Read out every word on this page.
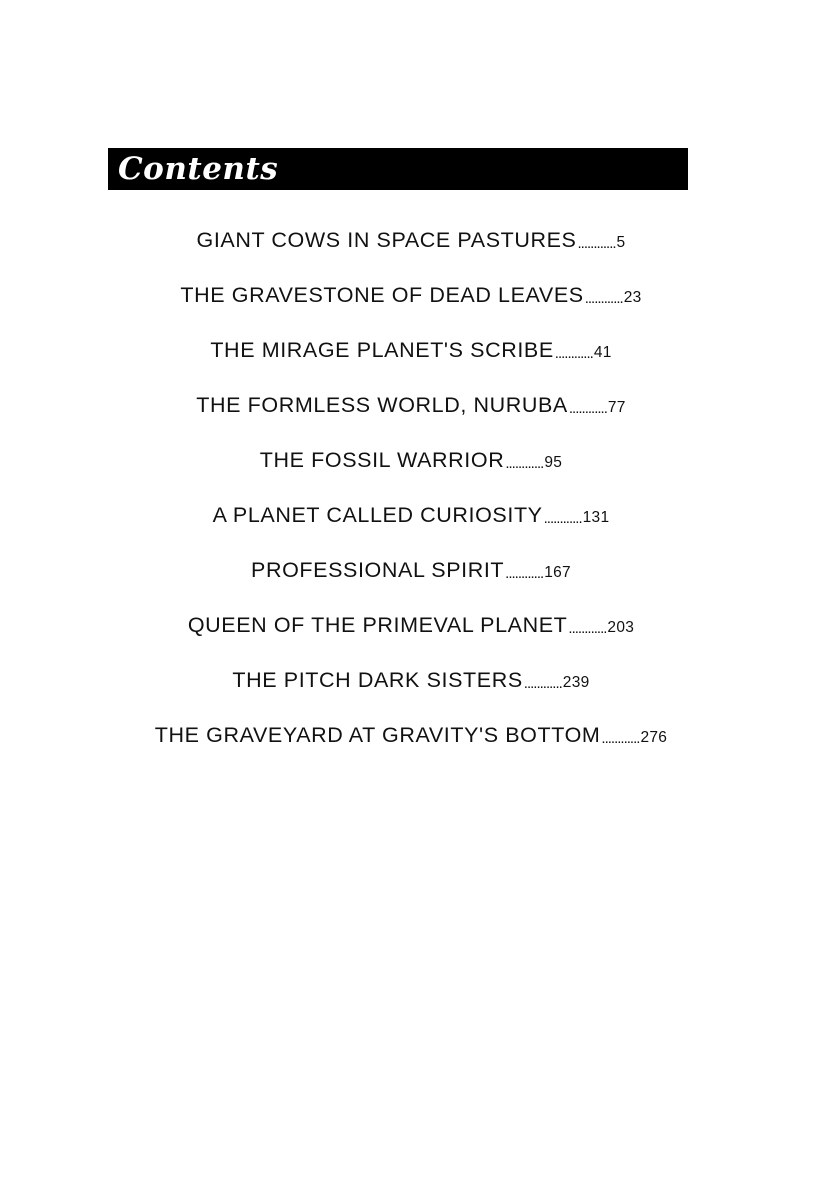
Contents
GIANT COWS IN SPACE PASTURES ............ 5
THE GRAVESTONE OF DEAD LEAVES ............ 23
THE MIRAGE PLANET'S SCRIBE ............ 41
THE FORMLESS WORLD, NURUBA ............ 77
THE FOSSIL WARRIOR ............ 95
A PLANET CALLED CURIOSITY ............ 131
PROFESSIONAL SPIRIT ............ 167
QUEEN OF THE PRIMEVAL PLANET ............ 203
THE PITCH DARK SISTERS ............ 239
THE GRAVEYARD AT GRAVITY'S BOTTOM ............ 276
